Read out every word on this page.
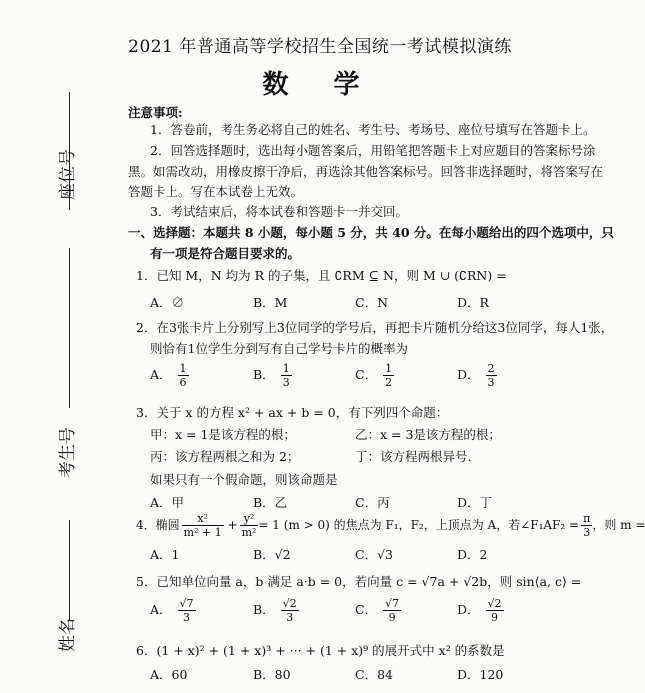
2021 年普通高等学校招生全国统一考试模拟演练
数 学
座位号
考生号
姓名
注意事项:
1．答卷前，考生务必将自己的姓名、考生号、考场号、座位号填写在答题卡上。
2．回答选择题时，选出每小题答案后，用铅笔把答题卡上对应题目的答案标号涂
黑。如需改动，用橡皮擦干净后，再选涂其他答案标号。回答非选择题时，将答案写在
答题卡上。写在本试卷上无效。
3．考试结束后，将本试卷和答题卡一并交回。
一、选择题：本题共 8 小题，每小题 5 分，共 40 分。在每小题给出的四个选项中，只
有一项是符合题目要求的。
1．已知 M，N 均为 R 的子集，且 ∁RM ⊆ N，则 M ∪ (∁RN) =
A．∅	B．M	C．N	D．R
2．在3张卡片上分别写上3位同学的学号后，再把卡片随机分给这3位同学，每人1张，
则恰有1位学生分到写有自己学号卡片的概率为
A． $\frac{1}{6}$	B． $\frac{1}{3}$	C． $\frac{1}{2}$	D． $\frac{2}{3}$
3．关于 x 的方程 x² + ax + b = 0，有下列四个命题：
甲：x = 1是该方程的根；	乙：x = 3是该方程的根；
丙：该方程两根之和为 2；	丁：该方程两根异号.
如果只有一个假命题，则该命题是
A．甲	B．乙	C．丙	D．丁
4．椭圆 $\frac{\text{x²}}{\text{m² + 1}} + \frac{\text{y²}}{\text{m²}} = 1$ (m > 0) 的焦点为 F₁，F₂，上顶点为 A，若∠F₁AF₂ = $\frac{\pi}{3}$ ，则 m =
A．1	B．√2	C．√3	D．2
5．已知单位向量 a，b 满足 a·b = 0，若向量 c = √7a + √2b，则 sin⟨a, c⟩ =
A． $\frac{√7}{3}$	B． $\frac{√2}{3}$	C． $\frac{√7}{9}$	D． $\frac{√2}{9}$
6．(1 + x)² + (1 + x)³ + ··· + (1 + x)⁹ 的展开式中 x² 的系数是
A．60	B．80	C．84	D．120
